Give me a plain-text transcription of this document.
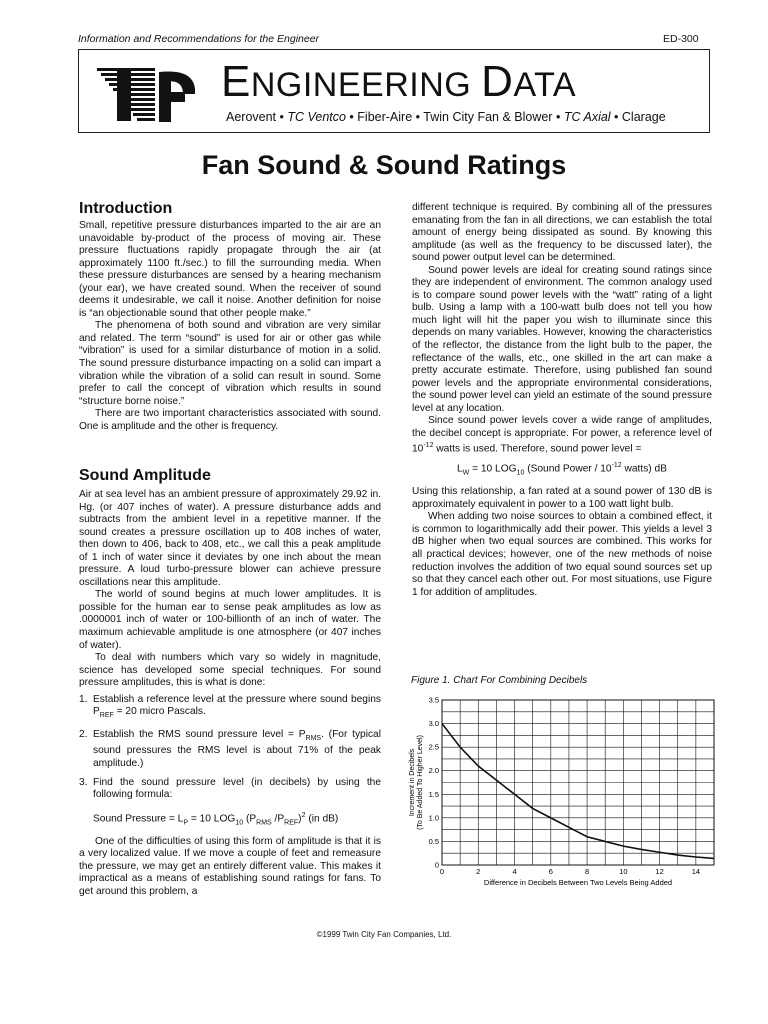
Information and Recommendations for the Engineer	ED-300
ENGINEERING DATA
Aerovent • TC Ventco • Fiber-Aire • Twin City Fan & Blower • TC Axial • Clarage
Fan Sound & Sound Ratings
Introduction

Small, repetitive pressure disturbances imparted to the air are an unavoidable by-product of the process of moving air. These pressure fluctuations rapidly propagate through the air (at approximately 1100 ft./sec.) to fill the surrounding media. When these pressure disturbances are sensed by a hearing mechanism (your ear), we have created sound. When the receiver of sound deems it undesirable, we call it noise. Another definition for noise is “an objectionable sound that other people make.”

The phenomena of both sound and vibration are very similar and related. The term “sound” is used for air or other gas while “vibration” is used for a similar disturbance of motion in a solid. The sound pressure disturbance impacting on a solid can impart a vibration while the vibration of a solid can result in sound. Some prefer to call the concept of vibration which results in sound “structure borne noise.”

There are two important characteristics associated with sound. One is amplitude and the other is frequency.

Sound Amplitude

Air at sea level has an ambient pressure of approximately 29.92 in. Hg. (or 407 inches of water). A pressure disturbance adds and subtracts from the ambient level in a repetitive manner. If the sound creates a pressure oscillation up to 408 inches of water, then down to 406, back to 408, etc., we call this a peak amplitude of 1 inch of water since it deviates by one inch about the mean pressure. A loud turbo-pressure blower can achieve pressure oscillations near this amplitude.

The world of sound begins at much lower amplitudes. It is possible for the human ear to sense peak amplitudes as low as .0000001 inch of water or 100-billionth of an inch of water. The maximum achievable amplitude is one atmosphere (or 407 inches of water).

To deal with numbers which vary so widely in magnitude, science has developed some special techniques. For sound pressure amplitudes, this is what is done:

1. Establish a reference level at the pressure where sound begins $P_{REF} = 20$ micro Pascals.
2. Establish the RMS sound pressure level = $P_{RMS}$. (For typical sound pressures the RMS level is about 71% of the peak amplitude.)
3. Find the sound pressure level (in decibels) by using the following formula:
Sound Pressure = $L_P = 10$ $LOG_{10}$ ($P_{RMS}$ $/P_{REF})^2$ (in dB)

One of the difficulties of using this form of amplitude is that it is a very localized value. If we move a couple of feet and remeasure the pressure, we may get an entirely different value. This makes it impractical as a means of establishing sound ratings for fans. To get around this problem, a

different technique is required. By combining all of the pressures emanating from the fan in all directions, we can establish the total amount of energy being dissipated as sound. By knowing this amplitude (as well as the frequency to be discussed later), the sound power output level can be determined.

Sound power levels are ideal for creating sound ratings since they are independent of environment. The common analogy used is to compare sound power levels with the “watt” rating of a light bulb. Using a lamp with a 100-watt bulb does not tell you how much light will hit the paper you wish to illuminate since this depends on many variables. However, knowing the characteristics of the reflector, the distance from the light bulb to the paper, the reflectance of the walls, etc., one skilled in the art can make a pretty accurate estimate. Therefore, using published fan sound power levels and the appropriate environmental considerations, the sound power level can yield an estimate of the sound pressure level at any location.

Since sound power levels cover a wide range of amplitudes, the decibel concept is appropriate. For power, a reference level of $10^{-12}$ watts is used. Therefore, sound power level =

$L_W = 10$ $LOG_{10}$ (Sound Power / $10^{-12}$ watts) dB

Using this relationship, a fan rated at a sound power of 130 dB is approximately equivalent in power to a 100 watt light bulb.

When adding two noise sources to obtain a combined effect, it is common to logarithmically add their power. This yields a level 3 dB higher when two equal sources are combined. This works for all practical devices; however, one of the new methods of noise reduction involves the addition of two equal sound sources set up so that they cancel each other out. For most situations, use Figure 1 for addition of amplitudes.

Figure 1. Chart For Combining Decibels
0	2	4	6	8	10	12	14
0
0.5
1.0
1.5
2.0
2.5
3.0
3.5
Difference in Decibels Between Two Levels Being Added
Increment in Decibels (To Be Added To Higher Level)
©1999 Twin City Fan Companies, Ltd.
